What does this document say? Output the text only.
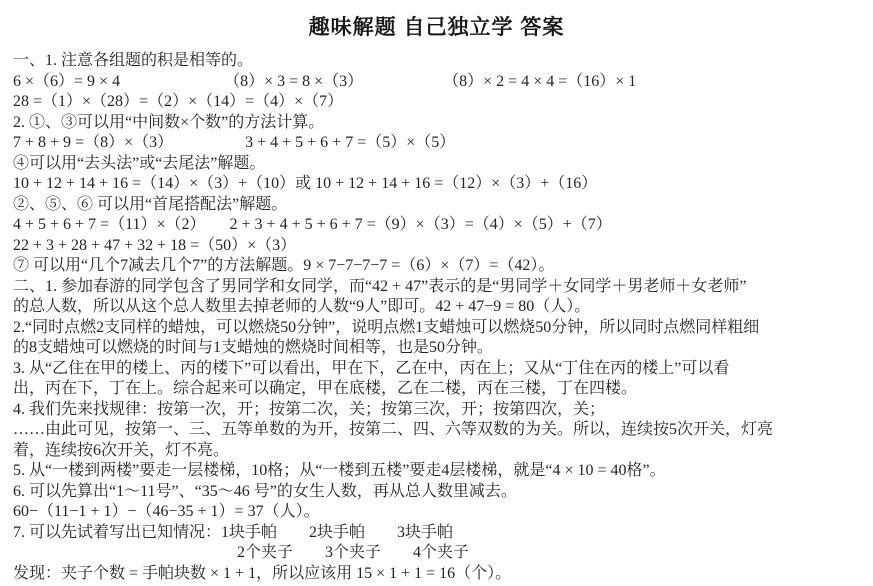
趣味解题 自己独立学 答案
一、1. 注意各组题的积是相等的。
6 ×（6）= 9 × 4　　　　　　　（8）× 3 = 8 ×（3）　　　　　　（8）× 2 = 4 × 4 =（16）× 1
28 =（1）×（28）=（2）×（14）=（4）×（7）
2. ①、③可以用“中间数×个数”的方法计算。
7 + 8 + 9 =（8）×（3）　　　　　3 + 4 + 5 + 6 + 7 =（5）×（5）
④可以用“去头法”或“去尾法”解题。
10 + 12 + 14 + 16 =（14）×（3）+（10）或 10 + 12 + 14 + 16 =（12）×（3）+（16）
②、⑤、⑥ 可以用“首尾搭配法”解题。
4 + 5 + 6 + 7 =（11）×（2）　　2 + 3 + 4 + 5 + 6 + 7 =（9）×（3）=（4）×（5）+（7）
22 + 3 + 28 + 47 + 32 + 18 =（50）×（3）
⑦ 可以用“几个7减去几个7”的方法解题。9 × 7−7−7−7 =（6）×（7）=（42）。
二、1. 参加春游的同学包含了男同学和女同学，而“42 + 47”表示的是“男同学＋女同学＋男老师＋女老师”
的总人数，所以从这个总人数里去掉老师的人数“9人”即可。42 + 47−9 = 80（人）。
2.“同时点燃2支同样的蜡烛，可以燃烧50分钟”，说明点燃1支蜡烛可以燃烧50分钟，所以同时点燃同样粗细
的8支蜡烛可以燃烧的时间与1支蜡烛的燃烧时间相等，也是50分钟。
3. 从“乙住在甲的楼上、丙的楼下”可以看出，甲在下，乙在中，丙在上；又从“丁住在丙的楼上”可以看
出，丙在下，丁在上。综合起来可以确定，甲在底楼，乙在二楼，丙在三楼，丁在四楼。
4. 我们先来找规律：按第一次，开；按第二次，关；按第三次，开；按第四次，关；
……由此可见，按第一、三、五等单数的为开，按第二、四、六等双数的为关。所以，连续按5次开关，灯亮
着，连续按6次开关，灯不亮。
5. 从“一楼到两楼”要走一层楼梯，10格；从“一楼到五楼”要走4层楼梯，就是“4 × 10 = 40格”。
6. 可以先算出“1～11号”、“35～46 号”的女生人数，再从总人数里减去。
60−（11−1 + 1）−（46−35 + 1）= 37（人）。
7. 可以先试着写出已知情况：1块手帕　　2块手帕　　3块手帕
　　　　　　　　　　　　　　2个夹子　　3个夹子　　4个夹子
发现：夹子个数 = 手帕块数 × 1 + 1，所以应该用 15 × 1 + 1 = 16（个）。
